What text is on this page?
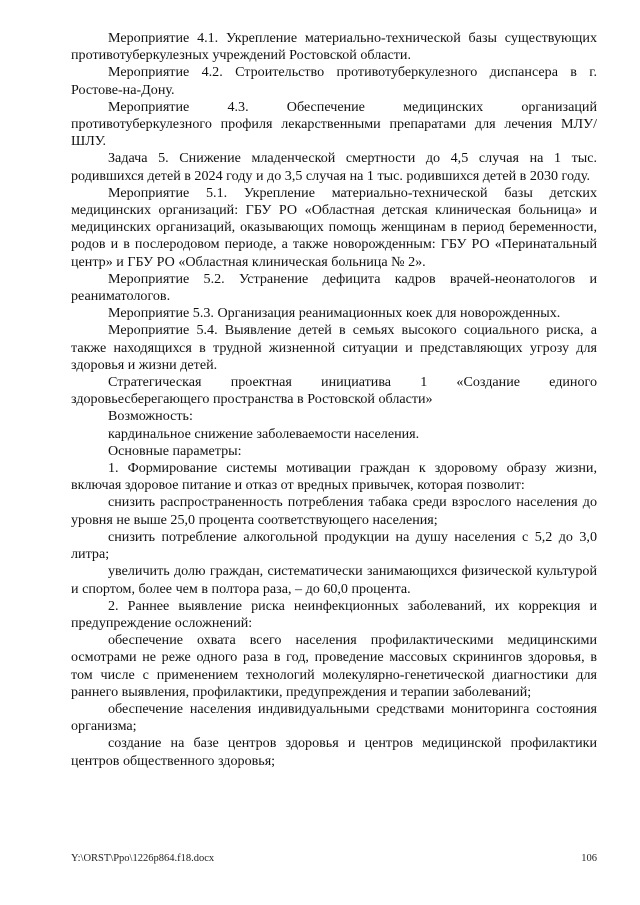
Мероприятие 4.1. Укрепление материально-технической базы существующих противотуберкулезных учреждений Ростовской области.

Мероприятие 4.2. Строительство противотуберкулезного диспансера в г. Ростове-на-Дону.

Мероприятие 4.3. Обеспечение медицинских организаций противотуберкулезного профиля лекарственными препаратами для лечения МЛУ/ШЛУ.

Задача 5. Снижение младенческой смертности до 4,5 случая на 1 тыс. родившихся детей в 2024 году и до 3,5 случая на 1 тыс. родившихся детей в 2030 году.

Мероприятие 5.1. Укрепление материально-технической базы детских медицинских организаций: ГБУ РО «Областная детская клиническая больница» и медицинских организаций, оказывающих помощь женщинам в период беременности, родов и в послеродовом периоде, а также новорожденным: ГБУ РО «Перинатальный центр» и ГБУ РО «Областная клиническая больница № 2».

Мероприятие 5.2. Устранение дефицита кадров врачей-неонатологов и реаниматологов.

Мероприятие 5.3. Организация реанимационных коек для новорожденных.

Мероприятие 5.4. Выявление детей в семьях высокого социального риска, а также находящихся в трудной жизненной ситуации и представляющих угрозу для здоровья и жизни детей.

Стратегическая проектная инициатива 1 «Создание единого здоровьесберегающего пространства в Ростовской области»

Возможность:

кардинальное снижение заболеваемости населения.

Основные параметры:

1. Формирование системы мотивации граждан к здоровому образу жизни, включая здоровое питание и отказ от вредных привычек, которая позволит:

снизить распространенность потребления табака среди взрослого населения до уровня не выше 25,0 процента соответствующего населения;

снизить потребление алкогольной продукции на душу населения с 5,2 до 3,0 литра;

увеличить долю граждан, систематически занимающихся физической культурой и спортом, более чем в полтора раза, – до 60,0 процента.

2. Раннее выявление риска неинфекционных заболеваний, их коррекция и предупреждение осложнений:

обеспечение охвата всего населения профилактическими медицинскими осмотрами не реже одного раза в год, проведение массовых скринингов здоровья, в том числе с применением технологий молекулярно-генетической диагностики для раннего выявления, профилактики, предупреждения и терапии заболеваний;

обеспечение населения индивидуальными средствами мониторинга состояния организма;

создание на базе центров здоровья и центров медицинской профилактики центров общественного здоровья;

Y:\ORST\Ppo\1226p864.f18.docx	106
